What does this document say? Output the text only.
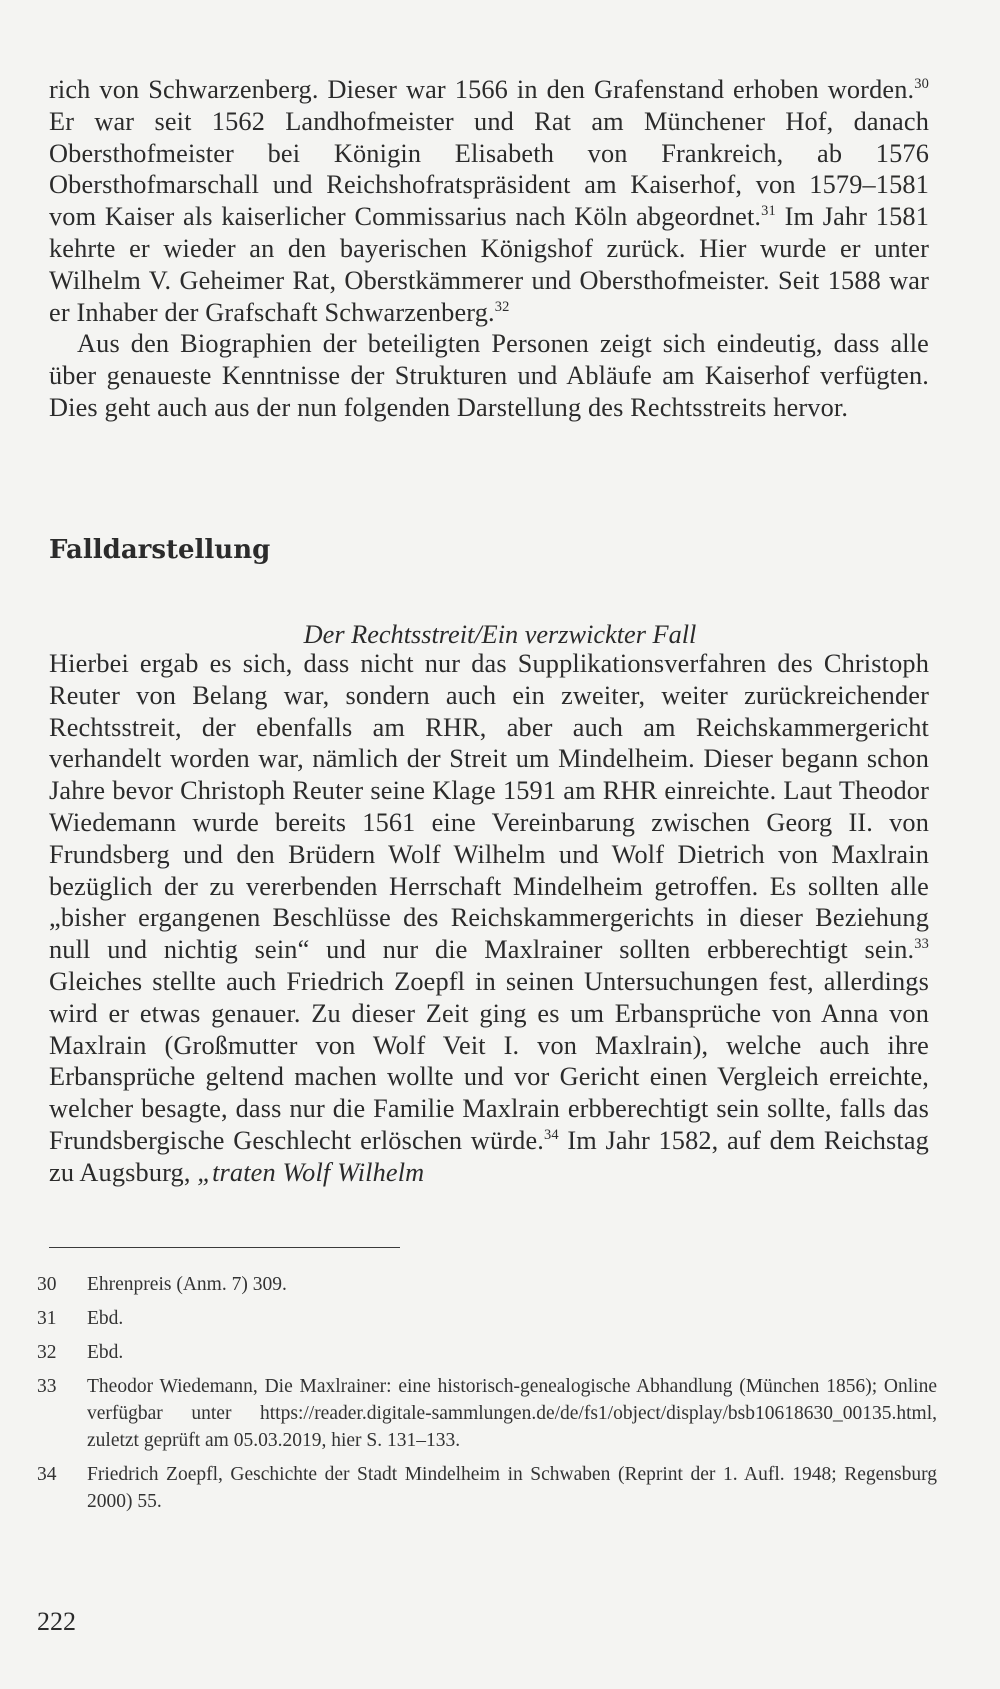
rich von Schwarzenberg. Dieser war 1566 in den Grafenstand erhoben worden.$^{30}$ Er war seit 1562 Landhofmeister und Rat am Münchener Hof, danach Obersthofmeister bei Königin Elisabeth von Frankreich, ab 1576 Obersthofmarschall und Reichshofratspräsident am Kaiserhof, von 1579–1581 vom Kaiser als kaiserlicher Commissarius nach Köln abgeordnet.$^{31}$ Im Jahr 1581 kehrte er wieder an den bayerischen Königshof zurück. Hier wurde er unter Wilhelm V. Geheimer Rat, Oberstkämmerer und Obersthofmeister. Seit 1588 war er Inhaber der Grafschaft Schwarzenberg.$^{32}$

Aus den Biographien der beteiligten Personen zeigt sich eindeutig, dass alle über genaueste Kenntnisse der Strukturen und Abläufe am Kaiserhof verfügten. Dies geht auch aus der nun folgenden Darstellung des Rechtsstreits hervor.

Falldarstellung
Der Rechtsstreit/Ein verzwickter Fall

Hierbei ergab es sich, dass nicht nur das Supplikationsverfahren des Christoph Reuter von Belang war, sondern auch ein zweiter, weiter zurückreichender Rechtsstreit, der ebenfalls am RHR, aber auch am Reichskammergericht verhandelt worden war, nämlich der Streit um Mindelheim. Dieser begann schon Jahre bevor Christoph Reuter seine Klage 1591 am RHR einreichte. Laut Theodor Wiedemann wurde bereits 1561 eine Vereinbarung zwischen Georg II. von Frundsberg und den Brüdern Wolf Wilhelm und Wolf Dietrich von Maxlrain bezüglich der zu vererbenden Herrschaft Mindelheim getroffen. Es sollten alle „bisher ergangenen Beschlüsse des Reichskammergerichts in dieser Beziehung null und nichtig sein“ und nur die Maxlrainer sollten erbberechtigt sein.$^{33}$ Gleiches stellte auch Friedrich Zoepfl in seinen Untersuchungen fest, allerdings wird er etwas genauer. Zu dieser Zeit ging es um Erbansprüche von Anna von Maxlrain (Großmutter von Wolf Veit I. von Maxlrain), welche auch ihre Erbansprüche geltend machen wollte und vor Gericht einen Vergleich erreichte, welcher besagte, dass nur die Familie Maxlrain erbberechtigt sein sollte, falls das Frundsbergische Geschlecht erlöschen würde.$^{34}$ Im Jahr 1582, auf dem Reichstag zu Augsburg, „traten Wolf Wilhelm

30	Ehrenpreis (Anm. 7) 309.
31	Ebd.
32	Ebd.
33	Theodor Wiedemann, Die Maxlrainer: eine historisch-genealogische Abhandlung (München 1856); Online verfügbar unter https://reader.digitale-sammlungen.de/de/fs1/object/display/bsb10618630_00135.html, zuletzt geprüft am 05.03.2019, hier S. 131–133.
34	Friedrich Zoepfl, Geschichte der Stadt Mindelheim in Schwaben (Reprint der 1. Aufl. 1948; Regensburg 2000) 55.
222
